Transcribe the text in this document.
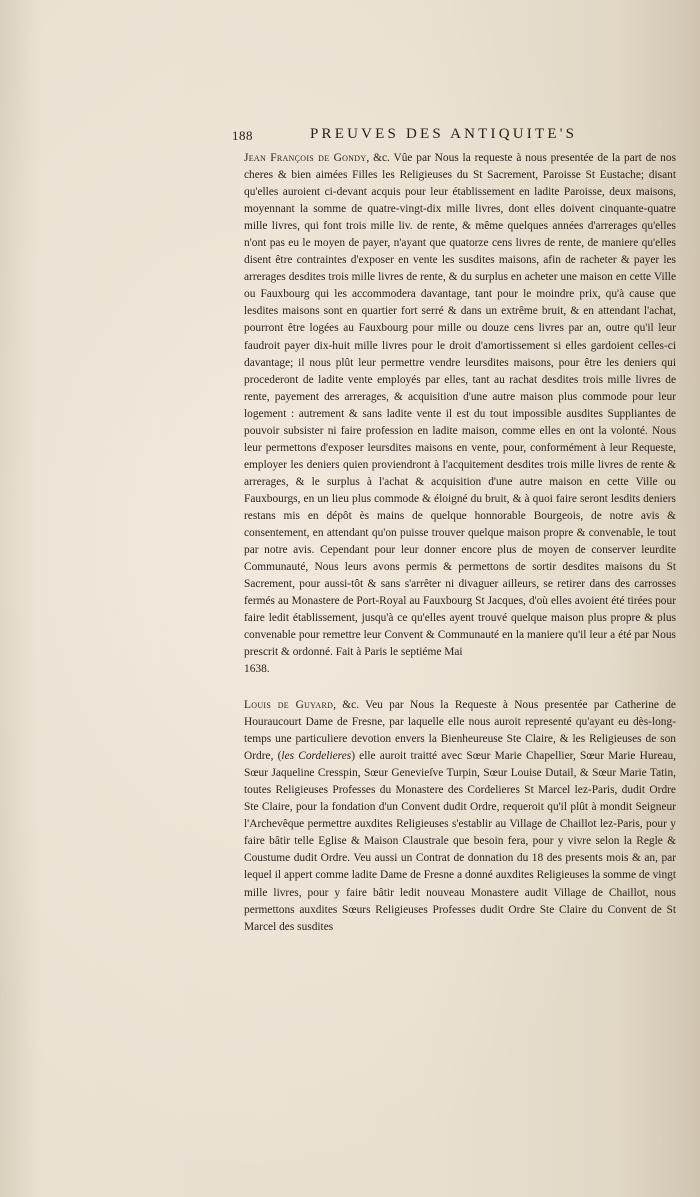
188	PREUVES DES ANTIQUITE'S

Jean François de Gondy, &c. Vûe par Nous la requeste à nous presentée de la part de nos cheres & bien aimées Filles les Religieuses du St Sacrement, Paroisse St Eustache; disant qu'elles auroient ci-devant acquis pour leur établissement en ladite Paroisse, deux maisons, moyennant la somme de quatre-vingt-dix mille livres, dont elles doivent cinquante-quatre mille livres, qui font trois mille liv. de rente, & même quelques années d'arrerages qu'elles n'ont pas eu le moyen de payer, n'ayant que quatorze cens livres de rente, de maniere qu'elles disent être contraintes d'exposer en vente les susdites maisons, afin de racheter & payer les arrerages desdites trois mille livres de rente, & du surplus en acheter une maison en cette Ville ou Fauxbourg qui les accommodera davantage, tant pour le moindre prix, qu'à cause que lesdites maisons sont en quartier fort serré & dans un extrême bruit, & en attendant l'achat, pourront être logées au Fauxbourg pour mille ou douze cens livres par an, outre qu'il leur faudroit payer dix-huit mille livres pour le droit d'amortissement si elles gardoient celles-ci davantage; il nous plût leur permettre vendre leursdites maisons, pour être les deniers qui procederont de ladite vente employés par elles, tant au rachat desdites trois mille livres de rente, payement des arrerages, & acquisition d'une autre maison plus commode pour leur logement : autrement & sans ladite vente il est du tout impossible ausdites Suppliantes de pouvoir subsister ni faire profession en ladite maison, comme elles en ont la volonté. Nous leur permettons d'exposer leursdites maisons en vente, pour, conformément à leur Requeste, employer les deniers quien proviendront à l'acquitement desdites trois mille livres de rente & arrerages, & le surplus à l'achat & acquisition d'une autre maison en cette Ville ou Fauxbourgs, en un lieu plus commode & éloigné du bruit, & à quoi faire seront lesdits deniers restans mis en dépôt ès mains de quelque honnorable Bourgeois, de notre avis & consentement, en attendant qu'on puisse trouver quelque maison propre & convenable, le tout par notre avis. Cependant pour leur donner encore plus de moyen de conserver leurdite Communauté, Nous leurs avons permis & permettons de sortir desdites maisons du St Sacrement, pour aussi-tôt & sans s'arrêter ni divaguer ailleurs, se retirer dans des carrosses fermés au Monastere de Port-Royal au Fauxbourg St Jacques, d'où elles avoient été tirées pour faire ledit établissement, jusqu'à ce qu'elles ayent trouvé quelque maison plus propre & plus convenable pour remettre leur Convent & Communauté en la maniere qu'il leur a été par Nous prescrit & ordonné. Fait à Paris le septiéme Mai
1638.

Louis de Guyard, &c. Veu par Nous la Requeste à Nous presentée par Catherine de Houraucourt Dame de Fresne, par laquelle elle nous auroit representé qu'ayant eu dès-long-temps une particuliere devotion envers la Bienheureuse Ste Claire, & les Religieuses de son Ordre, (les Cordelieres) elle auroit traitté avec Sœur Marie Chapellier, Sœur Marie Hureau, Sœur Jaqueline Cresspin, Sœur Genevieſve Turpin, Sœur Louise Dutail, & Sœur Marie Tatin, toutes Religieuses Professes du Monastere des Cordelieres St Marcel lez-Paris, dudit Ordre Ste Claire, pour la fondation d'un Convent dudit Ordre, requeroit qu'il plût à mondit Seigneur l'Archevêque permettre auxdites Religieuses s'establir au Village de Chaillot lez-Paris, pour y faire bâtir telle Eglise & Maison Claustrale que besoin fera, pour y vivre selon la Regle & Coustume dudit Ordre. Veu aussi un Contrat de donnation du 18 des presents mois & an, par lequel il appert comme ladite Dame de Fresne a donné auxdites Religieuses la somme de vingt mille livres, pour y faire bâtir ledit nouveau Monastere audit Village de Chaillot, nous permettons auxdites Sœurs Religieuses Professes dudit Ordre Ste Claire du Convent de St Marcel des susdites
